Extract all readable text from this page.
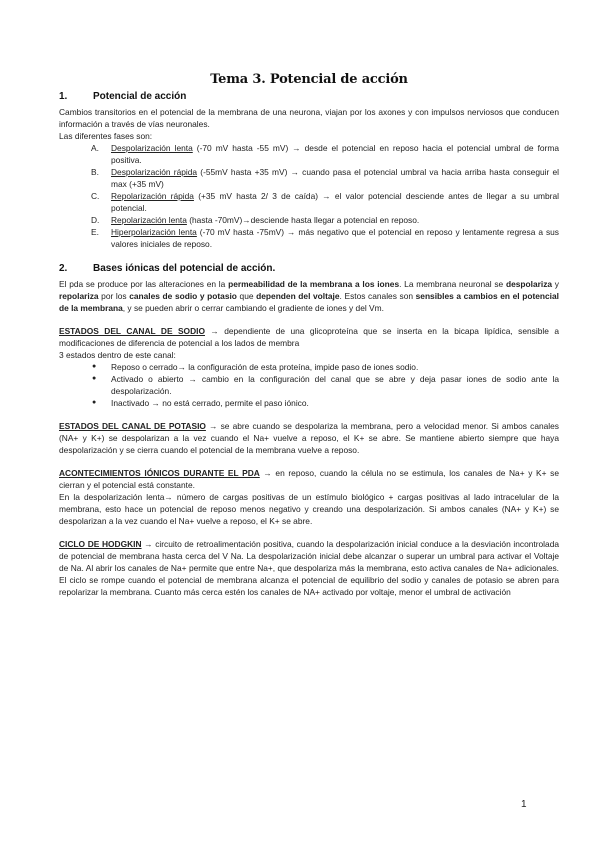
Tema 3. Potencial de acción
1.	Potencial de acción

Cambios transitorios en el potencial de la membrana de una neurona, viajan por los axones y con impulsos nerviosos que conducen información a través de vías neuronales.

Las diferentes fases son:

A. Despolarización lenta (-70 mV hasta -55 mV) → desde el potencial en reposo hacia el potencial umbral de forma positiva.
B. Despolarización rápida (-55mV hasta +35 mV) → cuando pasa el potencial umbral va hacia arriba hasta conseguir el max (+35 mV)
C. Repolarización rápida (+35 mV hasta 2/ 3 de caída) → el valor potencial desciende antes de llegar a su umbral potencial.
D. Repolarización lenta (hasta -70mV)→desciende hasta llegar a potencial en reposo.
E. Hiperpolarización lenta (-70 mV hasta -75mV) → más negativo que el potencial en reposo y lentamente regresa a sus valores iniciales de reposo.
2.	Bases iónicas del potencial de acción.

El pda se produce por las alteraciones en la permeabilidad de la membrana a los iones. La membrana neuronal se despolariza y repolariza por los canales de sodio y potasio que dependen del voltaje. Estos canales son sensibles a cambios en el potencial de la membrana, y se pueden abrir o cerrar cambiando el gradiente de iones y del Vm.

ESTADOS DEL CANAL DE SODIO → dependiente de una glicoproteína que se inserta en la bicapa lipídica, sensible a modificaciones de diferencia de potencial a los lados de membra

3 estados dentro de este canal:

● Reposo o cerrado→ la configuración de esta proteína, impide paso de iones sodio.
● Activado o abierto → cambio en la configuración del canal que se abre y deja pasar iones de sodio ante la despolarización.
● Inactivado → no está cerrado, permite el paso iónico.

ESTADOS DEL CANAL DE POTASIO → se abre cuando se despolariza la membrana, pero a velocidad menor. Si ambos canales (NA+ y K+) se despolarizan a la vez cuando el Na+ vuelve a reposo, el K+ se abre. Se mantiene abierto siempre que haya despolarización y se cierra cuando el potencial de la membrana vuelve a reposo.

ACONTECIMIENTOS IÓNICOS DURANTE EL PDA → en reposo, cuando la célula no se estimula, los canales de Na+ y K+ se cierran y el potencial está constante.

En la despolarización lenta→ número de cargas positivas de un estímulo biológico + cargas positivas al lado intracelular de la membrana, esto hace un potencial de reposo menos negativo y creando una despolarización. Si ambos canales (NA+ y K+) se despolarizan a la vez cuando el Na+ vuelve a reposo, el K+ se abre.

CICLO DE HODGKIN → circuito de retroalimentación positiva, cuando la despolarización inicial conduce a la desviación incontrolada de potencial de membrana hasta cerca del V Na. La despolarización inicial debe alcanzar o superar un umbral para activar el Voltaje de Na. Al abrir los canales de Na+ permite que entre Na+, que despolariza más la membrana, esto activa canales de Na+ adicionales. El ciclo se rompe cuando el potencial de membrana alcanza el potencial de equilibrio del sodio y canales de potasio se abren para repolarizar la membrana. Cuanto más cerca estén los canales de NA+ activado por voltaje, menor el umbral de activación

1
